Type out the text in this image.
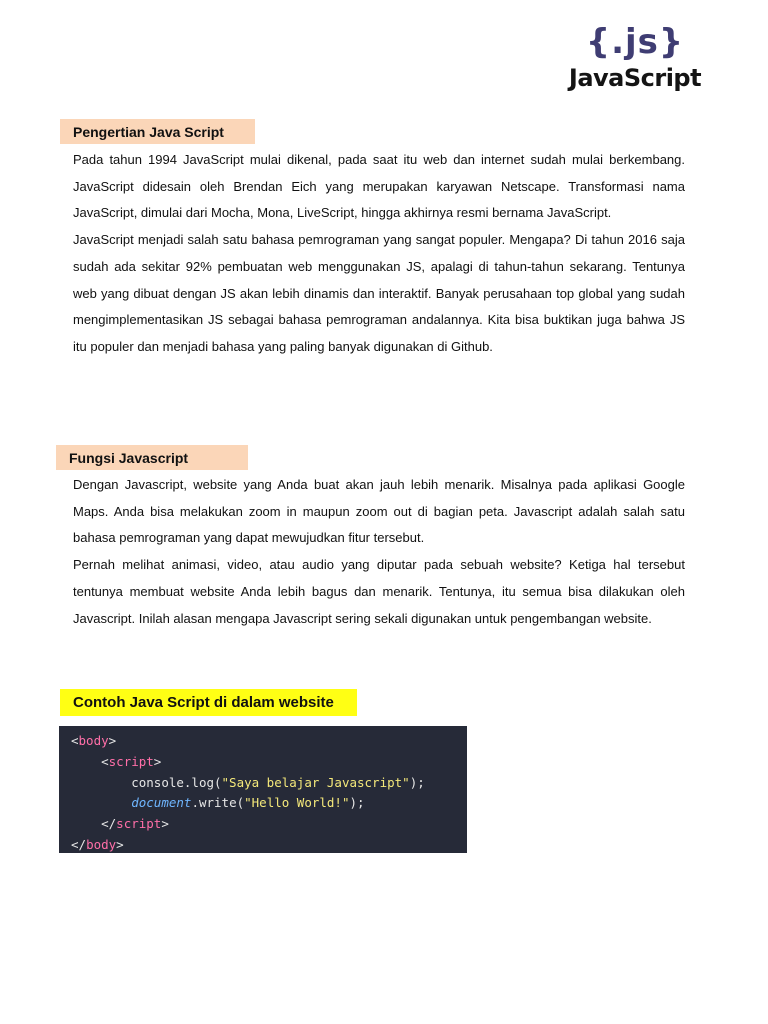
{.js}
JavaScript
Pengertian Java Script

Pada tahun 1994 JavaScript mulai dikenal, pada saat itu web dan internet sudah mulai berkembang. JavaScript didesain oleh Brendan Eich yang merupakan karyawan Netscape. Transformasi nama JavaScript, dimulai dari Mocha, Mona, LiveScript, hingga akhirnya resmi bernama JavaScript.

JavaScript menjadi salah satu bahasa pemrograman yang sangat populer. Mengapa? Di tahun 2016 saja sudah ada sekitar 92% pembuatan web menggunakan JS, apalagi di tahun-tahun sekarang. Tentunya web yang dibuat dengan JS akan lebih dinamis dan interaktif. Banyak perusahaan top global yang sudah mengimplementasikan JS sebagai bahasa pemrograman andalannya. Kita bisa buktikan juga bahwa JS itu populer dan menjadi bahasa yang paling banyak digunakan di Github.

Fungsi Javascript

Dengan Javascript, website yang Anda buat akan jauh lebih menarik. Misalnya pada aplikasi Google Maps. Anda bisa melakukan zoom in maupun zoom out di bagian peta. Javascript adalah salah satu bahasa pemrograman yang dapat mewujudkan fitur tersebut.

Pernah melihat animasi, video, atau audio yang diputar pada sebuah website? Ketiga hal tersebut tentunya membuat website Anda lebih bagus dan menarik. Tentunya, itu semua bisa dilakukan oleh Javascript. Inilah alasan mengapa Javascript sering sekali digunakan untuk pengembangan website.

Contoh Java Script di dalam website
<body>
<script>
console.log("Saya belajar Javascript");
document.write("Hello World!");
</script>
</body>
